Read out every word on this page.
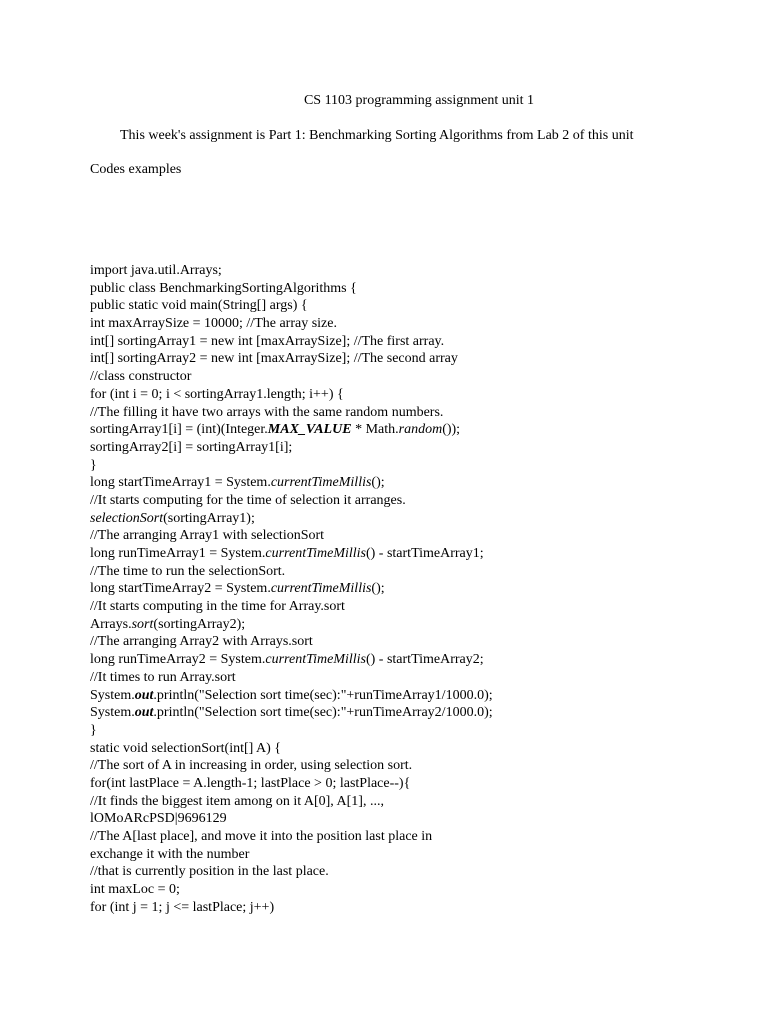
CS 1103 programming assignment unit 1
This week's assignment is Part 1: Benchmarking Sorting Algorithms from Lab 2 of this unit
Codes examples
import java.util.Arrays;
public class BenchmarkingSortingAlgorithms {
public static void main(String[] args) {
int maxArraySize = 10000; //The array size.
int[] sortingArray1 = new int [maxArraySize]; //The first array.
int[] sortingArray2 = new int [maxArraySize]; //The second array
//class constructor
for (int i = 0; i < sortingArray1.length; i++) {
//The filling it have two arrays with the same random numbers.
sortingArray1[i] = (int)(Integer.MAX_VALUE * Math.random());
sortingArray2[i] = sortingArray1[i];
}
long startTimeArray1 = System.currentTimeMillis();
//It starts computing for the time of selection it arranges.
selectionSort(sortingArray1);
//The arranging Array1 with selectionSort
long runTimeArray1 = System.currentTimeMillis() - startTimeArray1;
//The time to run the selectionSort.
long startTimeArray2 = System.currentTimeMillis();
//It starts computing in the time for Array.sort
Arrays.sort(sortingArray2);
//The arranging Array2 with Arrays.sort
long runTimeArray2 = System.currentTimeMillis() - startTimeArray2;
//It times to run Array.sort
System.out.println("Selection sort time(sec):"+runTimeArray1/1000.0);
System.out.println("Selection sort time(sec):"+runTimeArray2/1000.0);
}
static void selectionSort(int[] A) {
//The sort of A in increasing in order, using selection sort.
for(int lastPlace = A.length-1; lastPlace > 0; lastPlace--){
//It finds the biggest item among on it A[0], A[1], ...,
lOMoARcPSD|9696129
//The A[last place], and move it into the position last place in
exchange it with the number
//that is currently position in the last place.
int maxLoc = 0;
for (int j = 1; j <= lastPlace; j++)
